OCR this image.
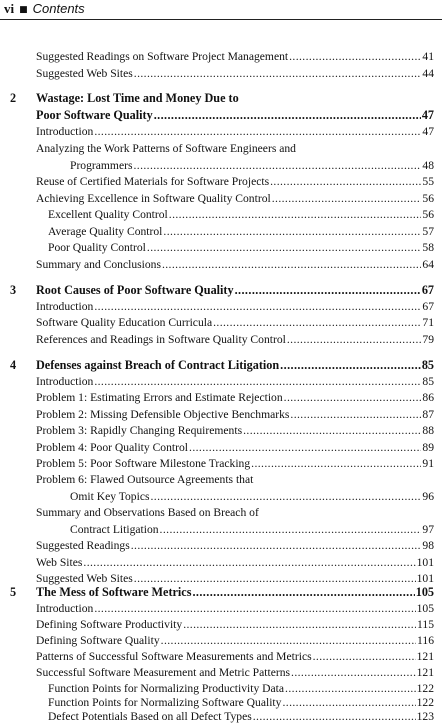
vi ■ Contents
Suggested Readings on Software Project Management .....	41
Suggested Web Sites .....	44
2 Wastage: Lost Time and Money Due to
Poor Software Quality .....	47
Introduction .....	47
Analyzing the Work Patterns of Software Engineers and
Programmers .....	48
Reuse of Certified Materials for Software Projects .....	55
Achieving Excellence in Software Quality Control .....	56
Excellent Quality Control .....	56
Average Quality Control .....	57
Poor Quality Control .....	58
Summary and Conclusions .....	64
3 Root Causes of Poor Software Quality .....	67
Introduction .....	67
Software Quality Education Curricula .....	71
References and Readings in Software Quality Control .....	79
4 Defenses against Breach of Contract Litigation .....	85
Introduction .....	85
Problem 1: Estimating Errors and Estimate Rejection .....	86
Problem 2: Missing Defensible Objective Benchmarks .....	87
Problem 3: Rapidly Changing Requirements .....	88
Problem 4: Poor Quality Control .....	89
Problem 5: Poor Software Milestone Tracking .....	91
Problem 6: Flawed Outsource Agreements that
Omit Key Topics .....	96
Summary and Observations Based on Breach of
Contract Litigation .....	97
Suggested Readings .....	98
Web Sites .....	101
Suggested Web Sites .....	101
5 The Mess of Software Metrics .....	105
Introduction .....	105
Defining Software Productivity .....	115
Defining Software Quality .....	116
Patterns of Successful Software Measurements and Metrics .....	121
Successful Software Measurement and Metric Patterns .....	121
Function Points for Normalizing Productivity Data .....	122
Function Points for Normalizing Software Quality .....	122
Defect Potentials Based on all Defect Types .....	123
